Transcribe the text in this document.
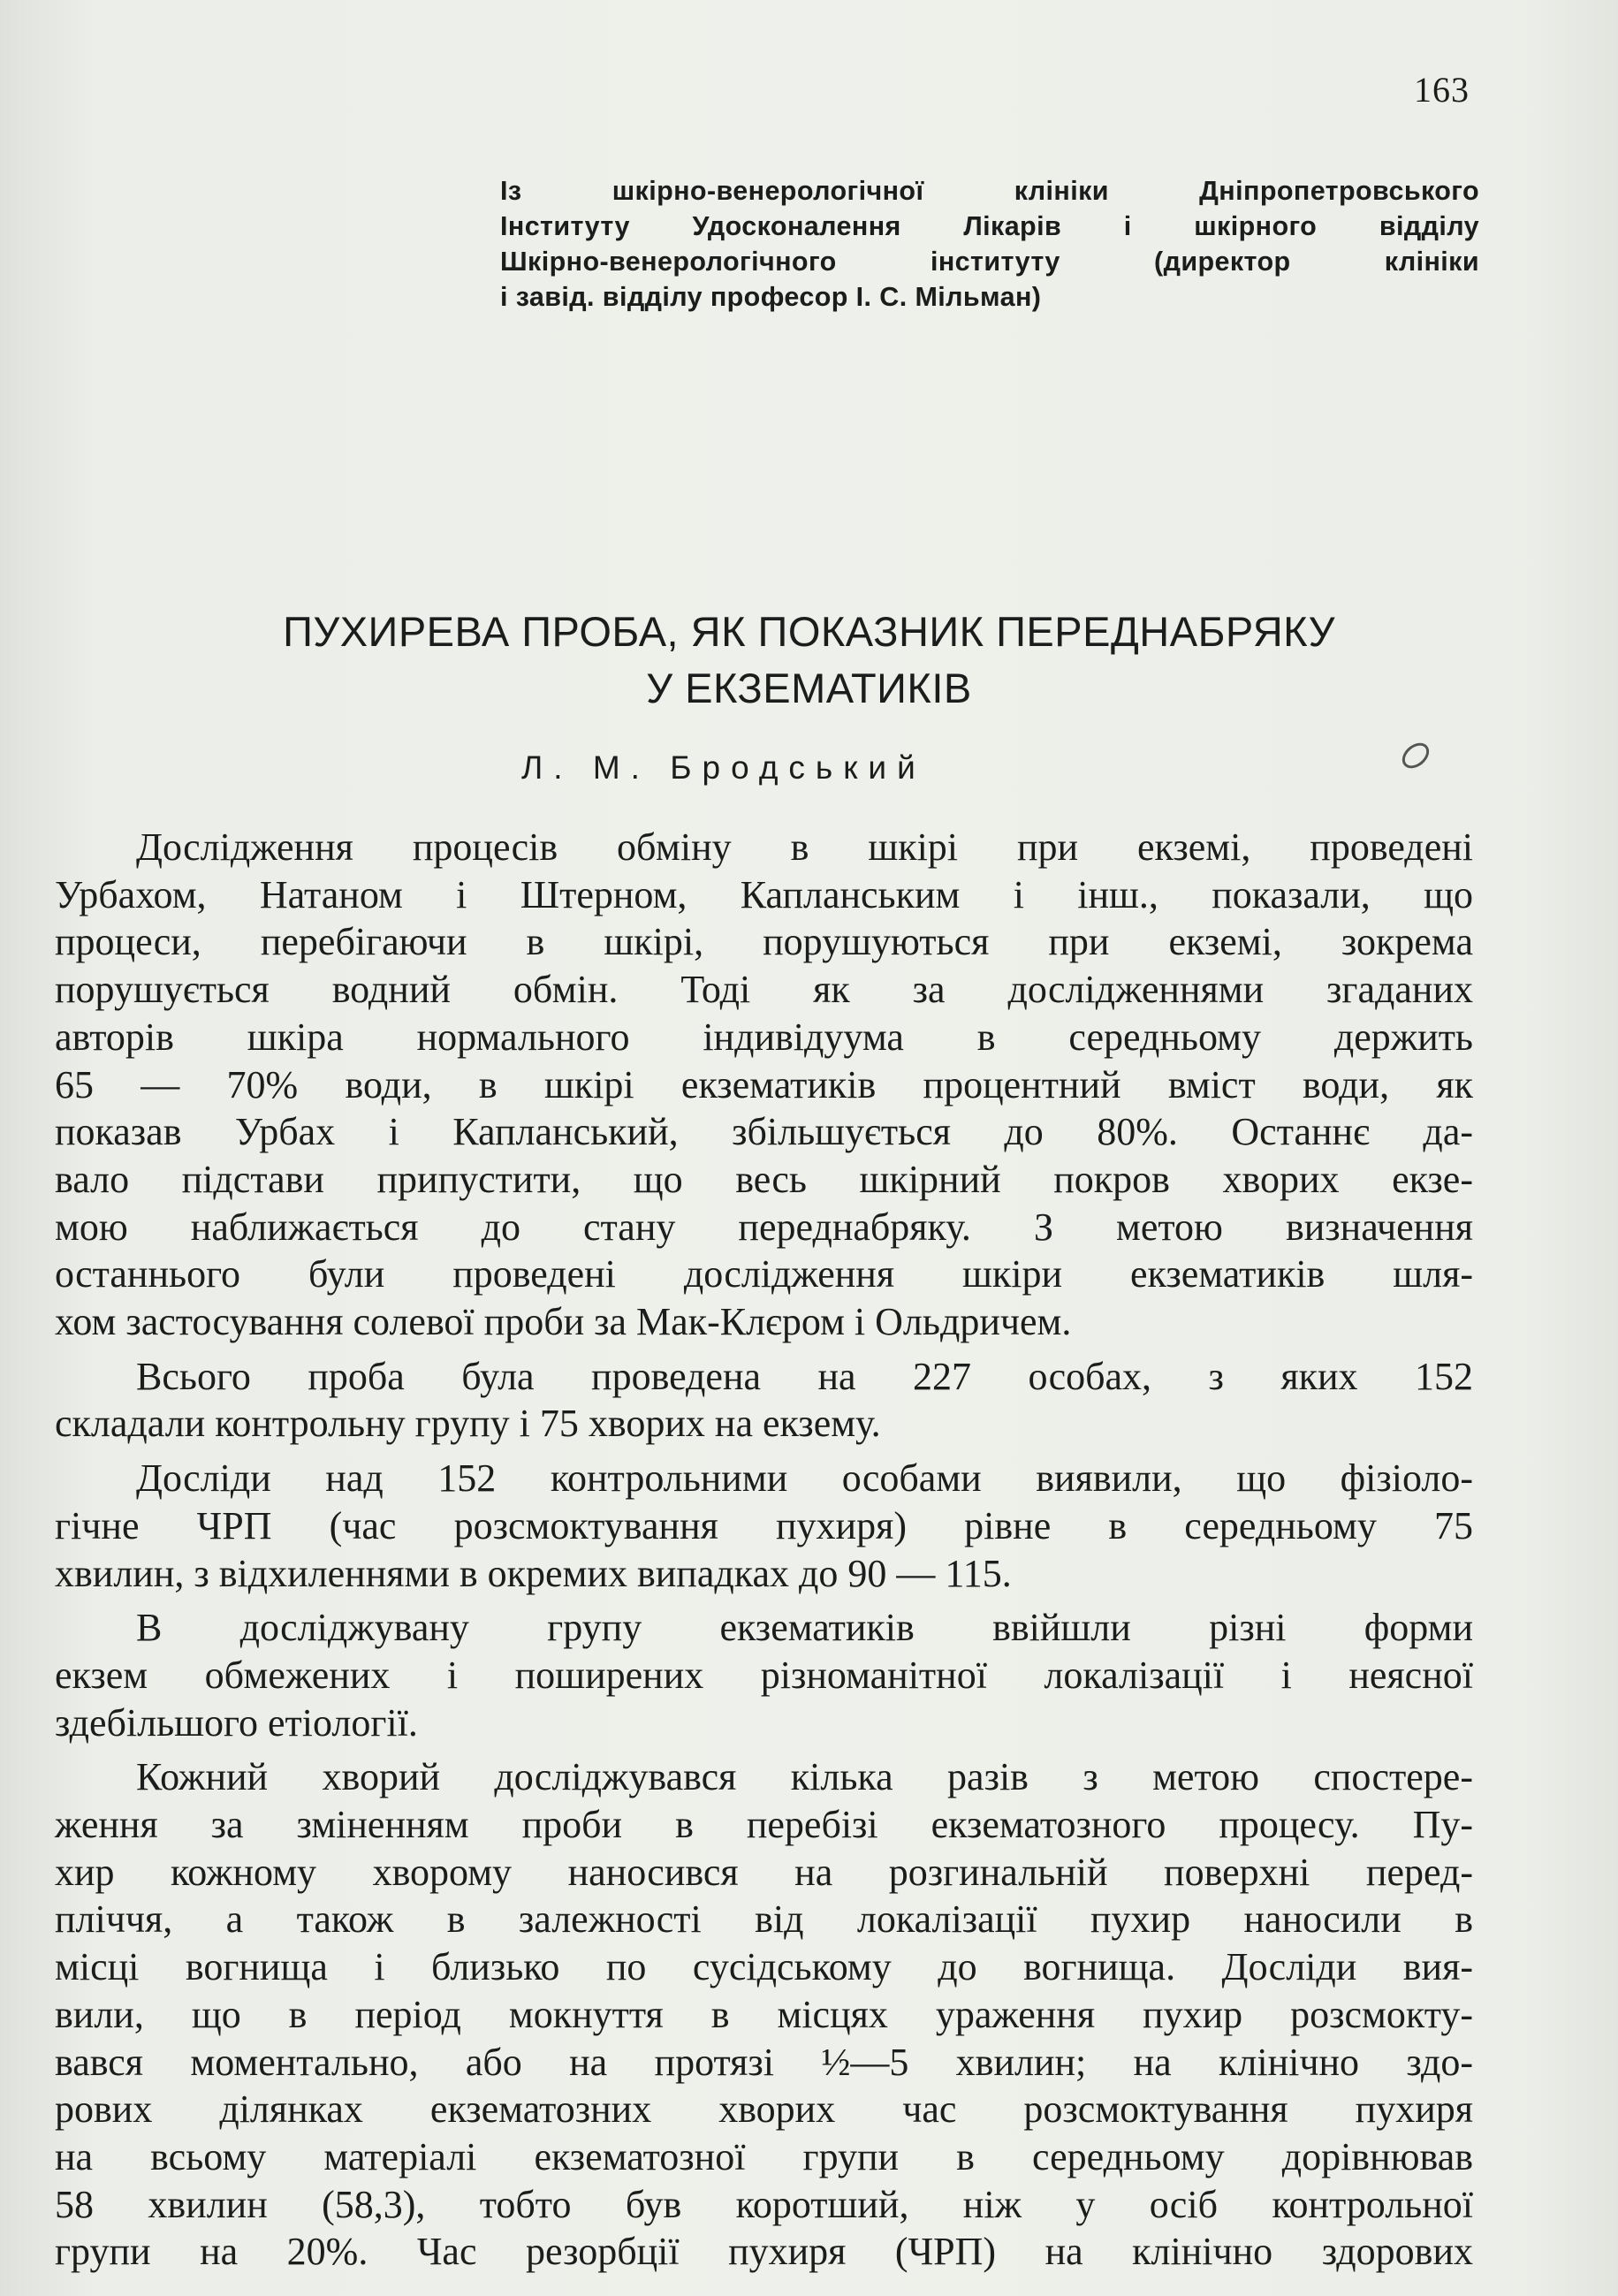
163
Із шкірно-венерологічної клініки Дніпропетровського
Інституту Удосконалення Лікарів і шкірного відділу
Шкірно-венерологічного інституту (директор клініки
і завід. відділу професор І. С. Мільман)
ПУХИРЕВА ПРОБА, ЯК ПОКАЗНИК ПЕРЕДНАБРЯКУ
У ЕКЗЕМАТИКІВ
Л. М. Бродський

Дослідження процесів обміну в шкірі при екземі, проведені
Урбахом, Натаном і Штерном, Капланським і інш., показали, що
процеси, перебігаючи в шкірі, порушуються при екземі, зокрема
порушується водний обмін. Тоді як за дослідженнями згаданих
авторів шкіра нормального індивідуума в середньому держить
65 — 70% води, в шкірі екзематиків процентний вміст води, як
показав Урбах і Капланський, збільшується до 80%. Останнє да-
вало підстави припустити, що весь шкірний покров хворих екзе-
мою наближається до стану переднабряку. З метою визначення
останнього були проведені дослідження шкіри екзематиків шля-
хом застосування солевої проби за Мак-Клєром і Ольдричем.

Всього проба була проведена на 227 особах, з яких 152
складали контрольну групу і 75 хворих на екзему.

Досліди над 152 контрольними особами виявили, що фізіоло-
гічне ЧРП (час розсмоктування пухиря) рівне в середньому 75
хвилин, з відхиленнями в окремих випадках до 90 — 115.

В досліджувану групу екзематиків ввійшли різні форми
екзем обмежених і поширених різноманітної локалізації і неясної
здебільшого етіології.

Кожний хворий досліджувався кілька разів з метою спостере-
ження за зміненням проби в перебізі екзематозного процесу. Пу-
хир кожному хворому наносився на розгинальній поверхні перед-
пліччя, а також в залежності від локалізації пухир наносили в
місці вогнища і близько по сусідському до вогнища. Досліди вия-
вили, що в період мокнуття в місцях ураження пухир розсмокту-
вався моментально, або на протязі ½—5 хвилин; на клінічно здо-
рових ділянках екзематозних хворих час розсмоктування пухиря
на всьому матеріалі екзематозної групи в середньому дорівнював
58 хвилин (58,3), тобто був коротший, ніж у осіб контрольної
групи на 20%. Час резорбції пухиря (ЧРП) на клінічно здорових
